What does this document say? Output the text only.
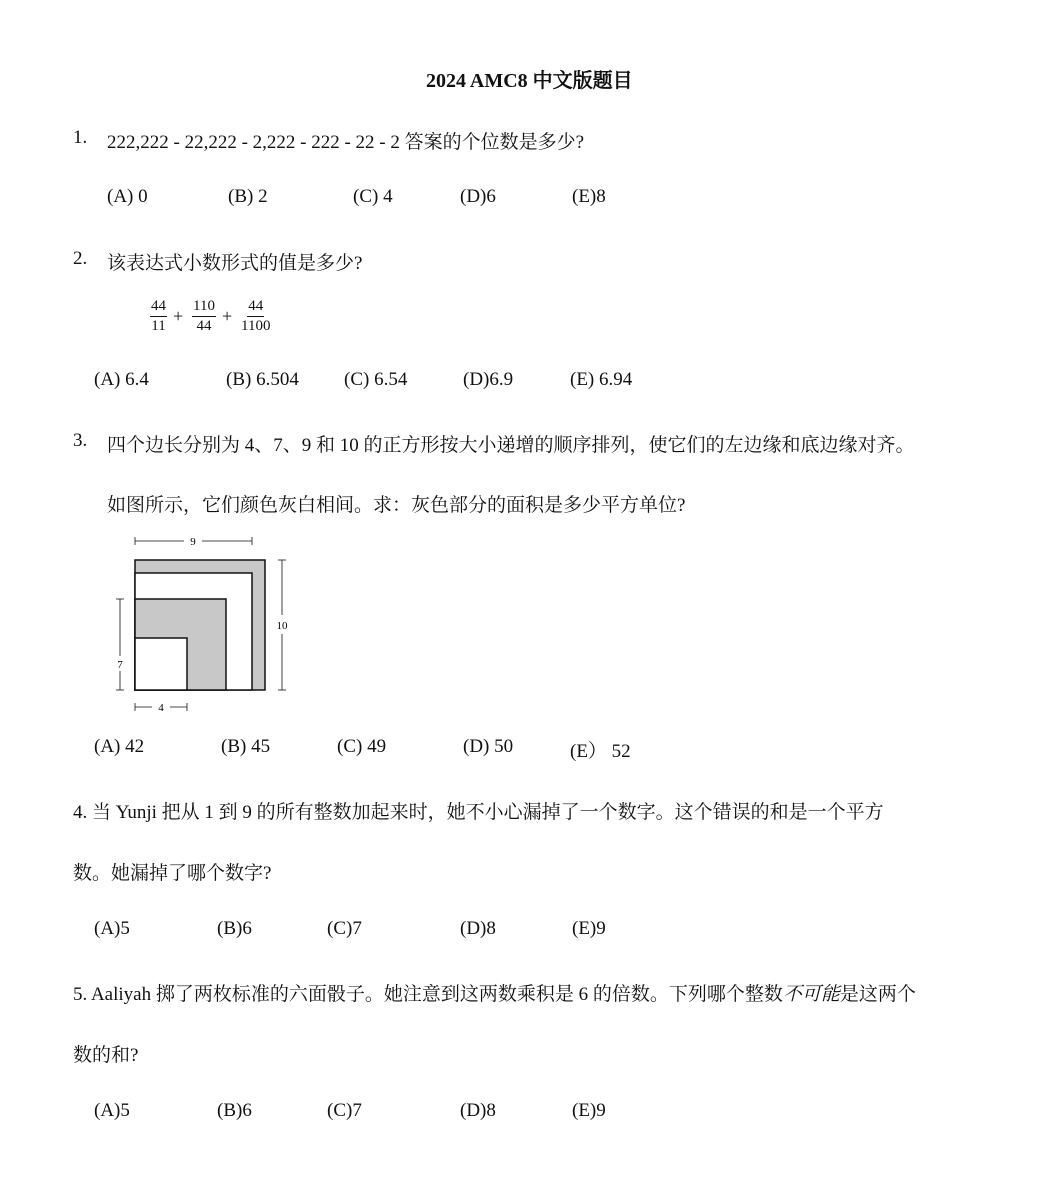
2024 AMC8 中文版题目
1. 222,222 - 22,222 - 2,222 - 222 - 22 - 2 答案的个位数是多少?
(A) 0	(B) 2	(C) 4	(D)6	(E)8
2. 该表达式小数形式的值是多少?
$\frac{44}{11} + \frac{110}{44} + \frac{44}{1100}$
(A) 6.4	(B) 6.504 (C) 6.54	(D)6.9	(E) 6.94
3. 四个边长分别为 4、7、9 和 10 的正方形按大小递增的顺序排列，使它们的左边缘和底边缘对齐。
如图所示，它们颜色灰白相间。求：灰色部分的面积是多少平方单位?
9
10
7
4
(A) 42	(B) 45	(C) 49	(D) 50	(E） 52
4. 当 Yunji 把从 1 到 9 的所有整数加起来时，她不小心漏掉了一个数字。这个错误的和是一个平方
数。她漏掉了哪个数字?
(A)5	(B)6	(C)7	(D)8	(E)9
5. Aaliyah 掷了两枚标准的六面骰子。她注意到这两数乘积是 6 的倍数。下列哪个整数不可能是这两个
数的和?
(A)5	(B)6	(C)7	(D)8	(E)9
